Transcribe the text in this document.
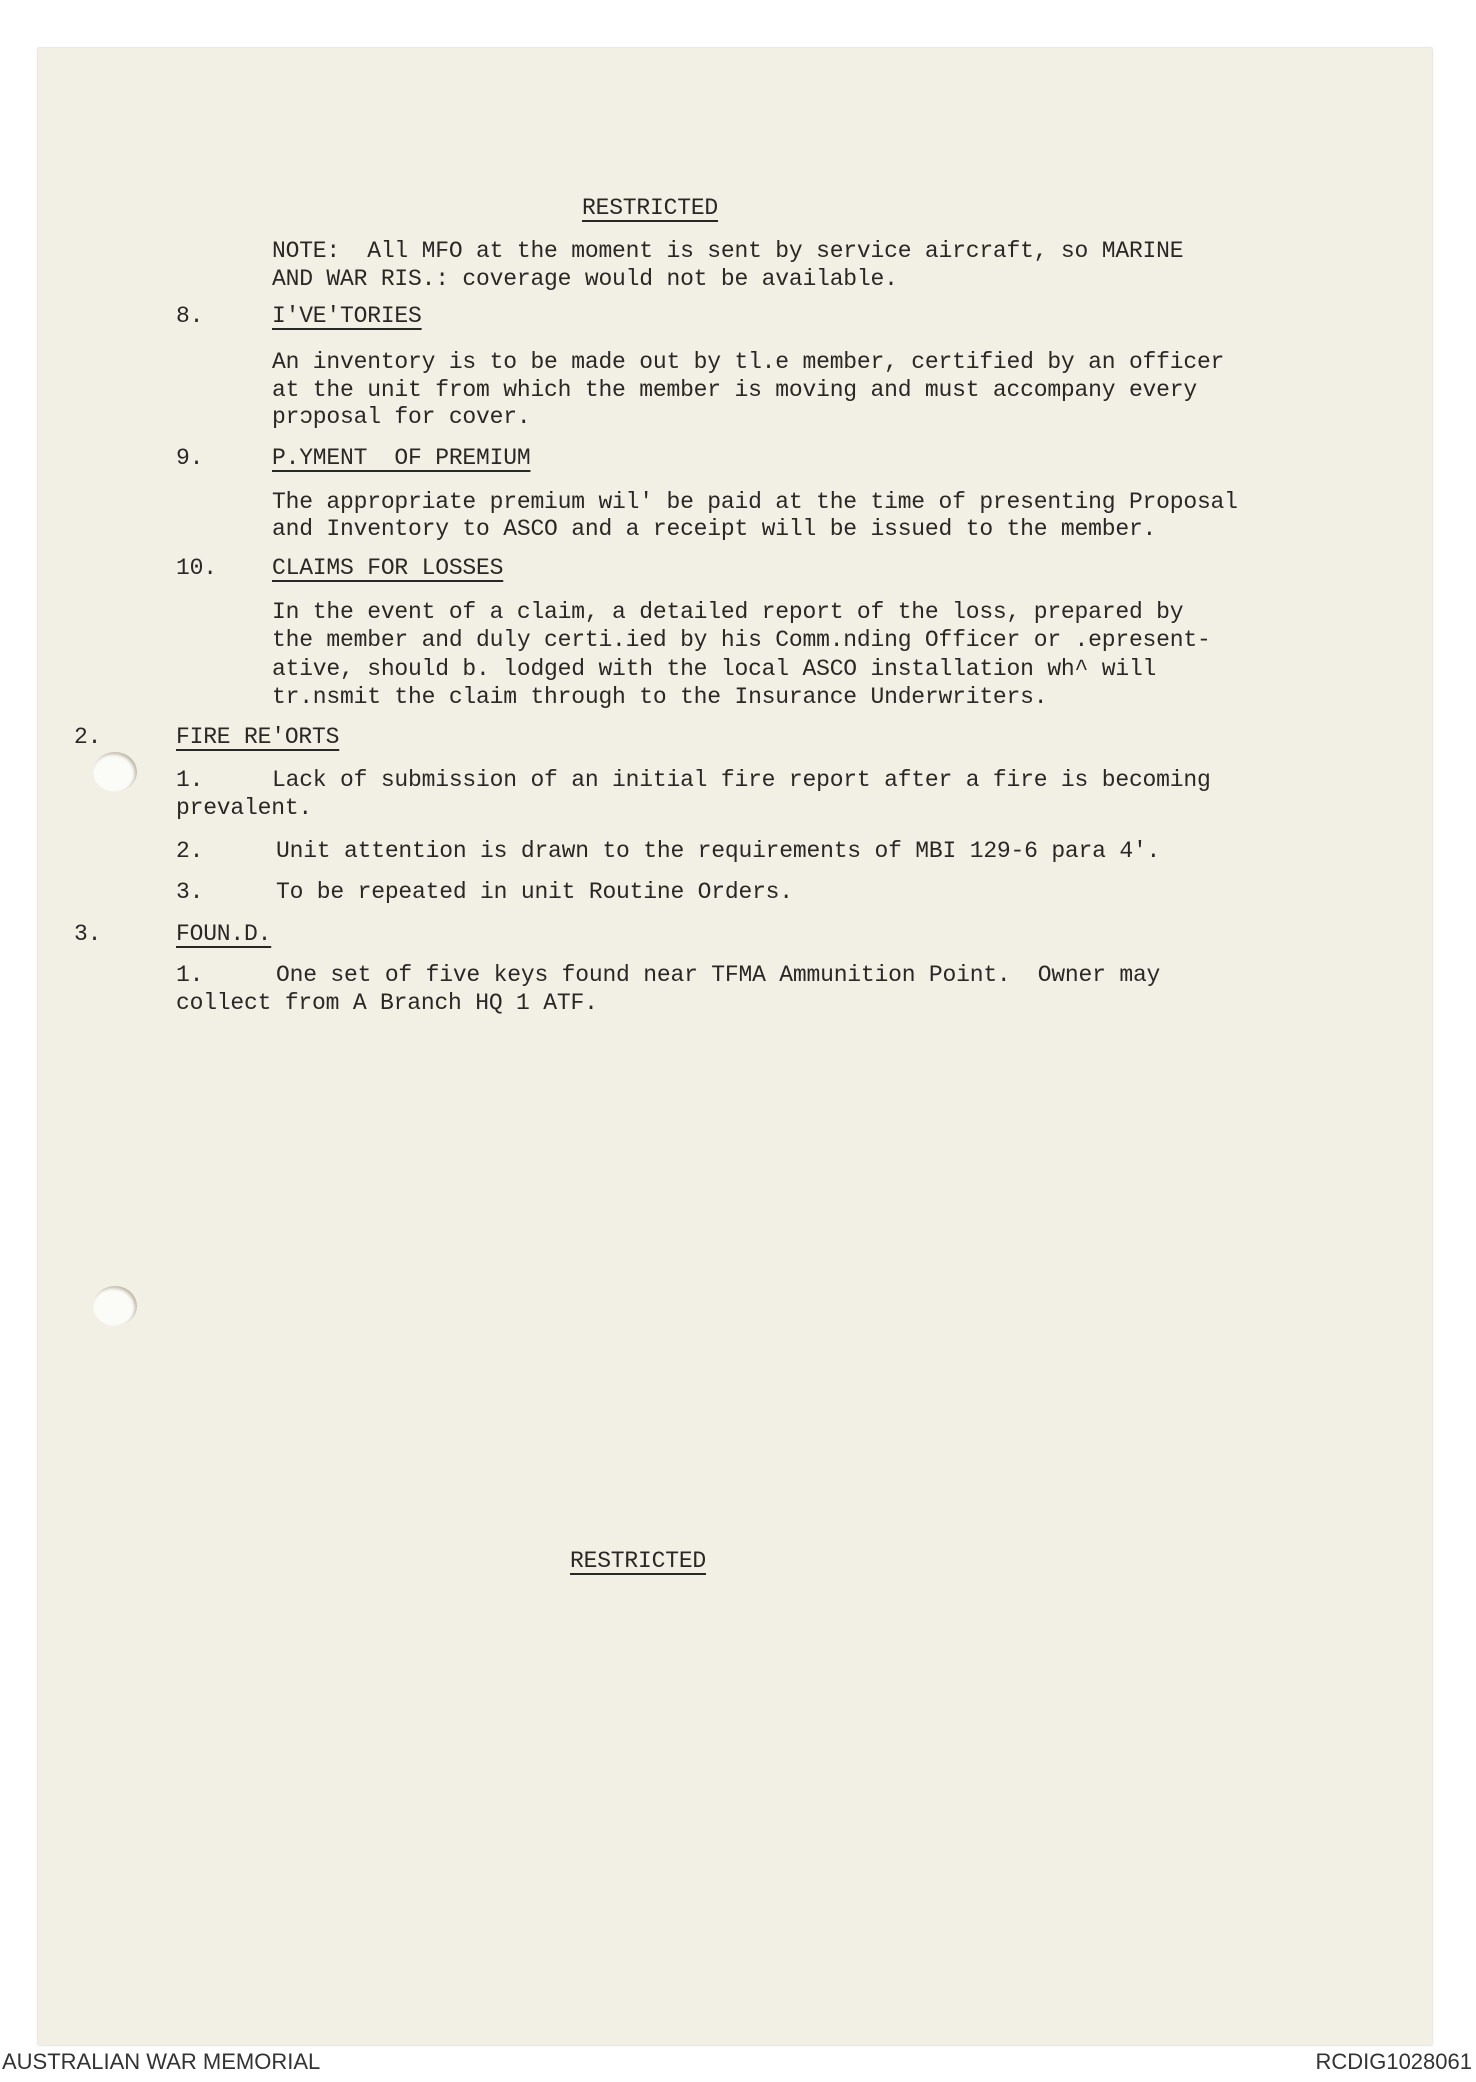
RESTRICTED
NOTE:  All MFO at the moment is sent by service aircraft, so MARINE
AND WAR RIS.: coverage would not be available.
8.	I'VE'TORIES
An inventory is to be made out by tl.e member, certified by an officer
at the unit from which the member is moving and must accompany every
prɔposal for cover.
9.	P.YMENT  OF PREMIUM
The appropriate premium wil' be paid at the time of presenting Proposal
and Inventory to ASCO and a receipt will be issued to the member.
10. CLAIMS FOR LOSSES
In the event of a claim, a detailed report of the loss, prepared by
the member and duly certi.ied by his Comm.nding Officer or .epresent-
ative, should b. lodged with the local ASCO installation wh^ will
tr.nsmit the claim through to the Insurance Underwriters.
2.	FIRE RE'ORTS
1.	Lack of submission of an initial fire report after a fire is becoming
prevalent.
2.	Unit attention is drawn to the requirements of MBI 129-6 para 4'.
3.	To be repeated in unit Routine Orders.
3.	FOUN.D.
1.	One set of five keys found near TFMA Ammunition Point.  Owner may
collect from A Branch HQ 1 ATF.
RESTRICTED
AUSTRALIAN WAR MEMORIAL	RCDIG1028061
